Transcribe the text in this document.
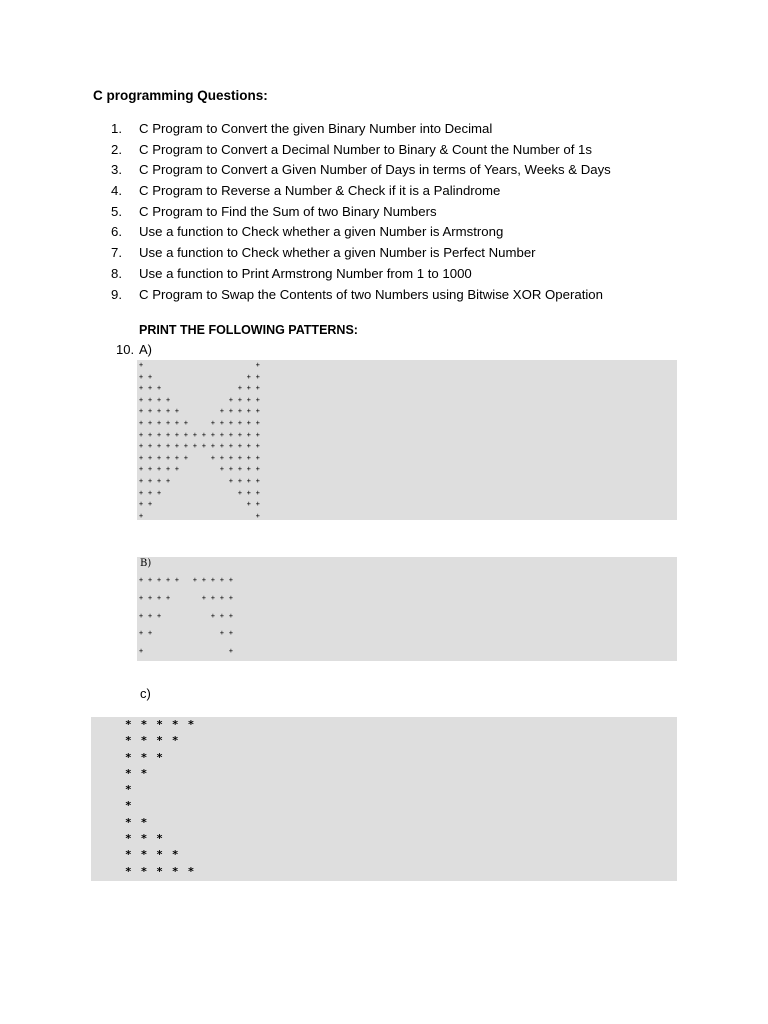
C programming Questions:
1.	C Program to Convert the given Binary Number into Decimal
2.	C Program to Convert a Decimal Number to Binary & Count the Number of 1s
3.	C Program to Convert a Given Number of Days in terms of Years, Weeks & Days
4.	C Program to Reverse a Number & Check if it is a Palindrome
5.	C Program to Find the Sum of two Binary Numbers
6.	Use a function to Check whether a given Number is Armstrong
7.	Use a function to Check whether a given Number is Perfect Number
8.	Use a function to Print Armstrong Number from 1 to 1000
9.	C Program to Swap the Contents of two Numbers using Bitwise XOR Operation
PRINT THE FOLLOWING PATTERNS:
10. A)
+                         +
+ +                     + +
+ + +                 + + +
+ + + +             + + + +
+ + + + +         + + + + +
+ + + + + +     + + + + + +
+ + + + + + + + + + + + + +
+ + + + + + + + + + + + + +
+ + + + + +     + + + + + +
+ + + + +         + + + + +
+ + + +             + + + +
+ + +                 + + +
+ +                     + +
+                         +
B)
+ + + + +   + + + + +
+ + + +       + + + +
+ + +           + + +
+ +               + +
+                   +
c)
* * * * *
* * * *
* * *
* *
*
*
* *
* * *
* * * *
* * * * *
